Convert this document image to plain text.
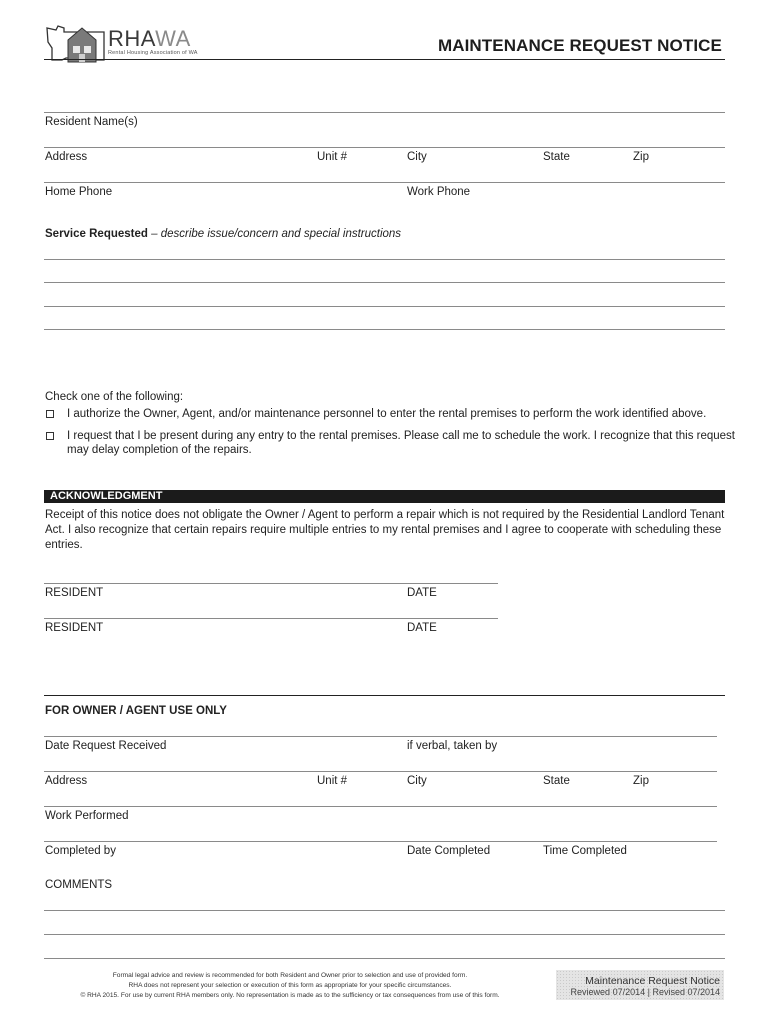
RHAWA
Rental Housing Association of WA	MAINTENANCE REQUEST NOTICE
Resident Name(s)
Address	Unit #	City	State	Zip
Home Phone	Work Phone
Service Requested – describe issue/concern and special instructions
Check one of the following:
I authorize the Owner, Agent, and/or maintenance personnel to enter the rental premises to perform the work identified above.
I request that I be present during any entry to the rental premises. Please call me to schedule the work. I recognize that this request
may delay completion of the repairs.
ACKNOWLEDGMENT
Receipt of this notice does not obligate the Owner / Agent to perform a repair which is not required by the Residential Landlord Tenant
Act. I also recognize that certain repairs require multiple entries to my rental premises and I agree to cooperate with scheduling these
entries.
RESIDENT	DATE
RESIDENT	DATE
FOR OWNER / AGENT USE ONLY
Date Request Received	if verbal, taken by
Address	Unit #	City	State	Zip
Work Performed
Completed by	Date Completed	Time Completed
COMMENTS
Formal legal advice and review is recommended for both Resident and Owner prior to selection and use of provided form.
RHA does not represent your selection or execution of this form as appropriate for your specific circumstances.
© RHA 2015. For use by current RHA members only. No representation is made as to the sufficiency or tax consequences from use of this form.
Maintenance Request Notice
Reviewed 07/2014 | Revised 07/2014
